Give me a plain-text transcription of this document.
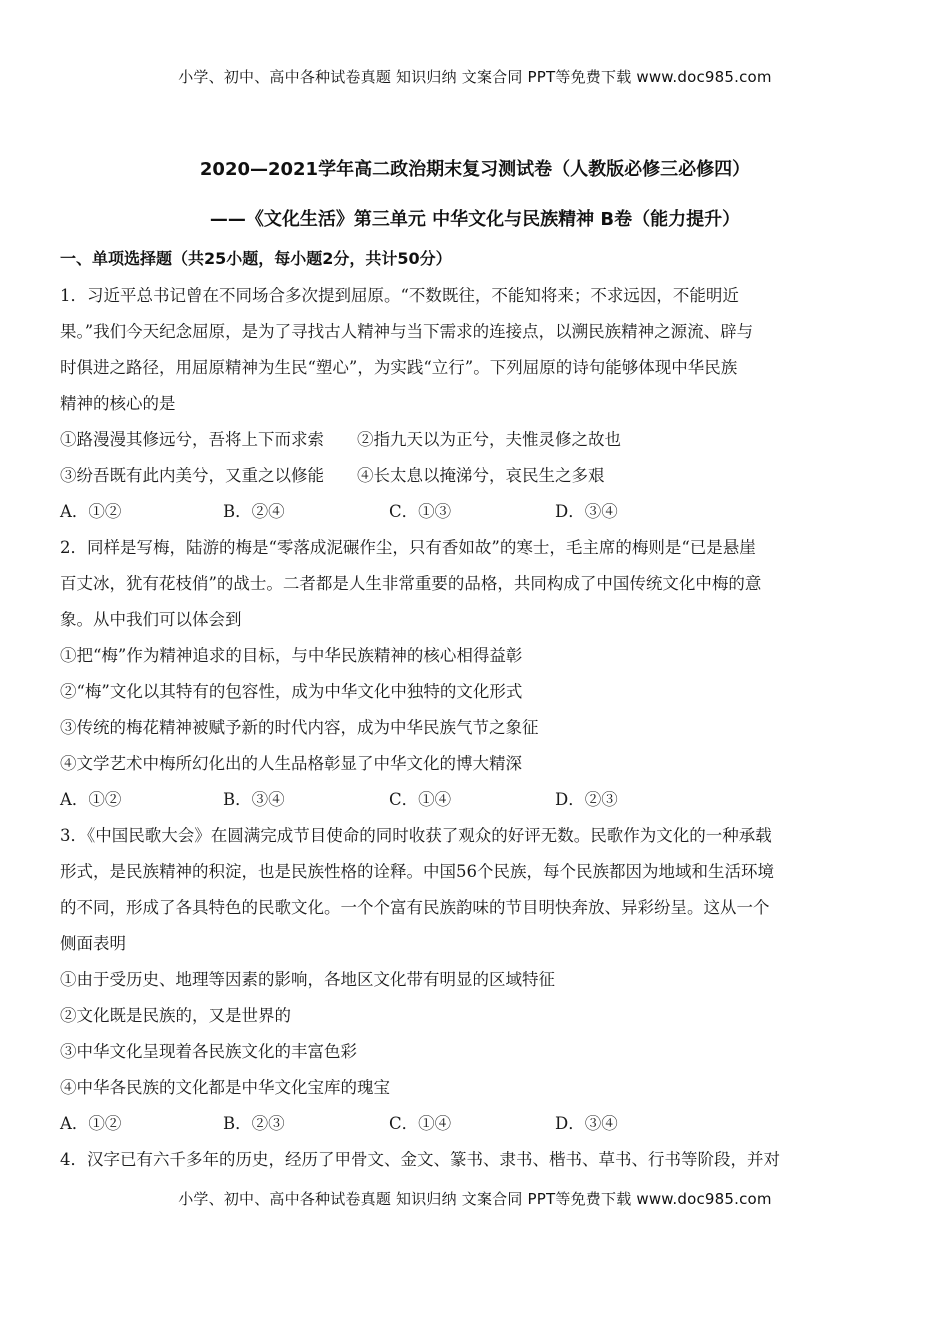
小学、初中、高中各种试卷真题 知识归纳 文案合同 PPT等免费下载 www.doc985.com
2020—2021学年高二政治期末复习测试卷（人教版必修三必修四）
——《文化生活》第三单元 中华文化与民族精神 B卷（能力提升）
一、单项选择题（共25小题，每小题2分，共计50分）
1．习近平总书记曾在不同场合多次提到屈原。“不数既往，不能知将来；不求远因，不能明近
果。”我们今天纪念屈原，是为了寻找古人精神与当下需求的连接点，以溯民族精神之源流、辟与
时俱进之路径，用屈原精神为生民“塑心”，为实践“立行”。下列屈原的诗句能够体现中华民族
精神的核心的是
①路漫漫其修远兮，吾将上下而求索　　②指九天以为正兮，夫惟灵修之故也
③纷吾既有此内美兮，又重之以修能　　④长太息以掩涕兮，哀民生之多艰
A．①②	B．②④	C．①③	D．③④
2．同样是写梅，陆游的梅是“零落成泥碾作尘，只有香如故”的寒士，毛主席的梅则是“已是悬崖
百丈冰，犹有花枝俏”的战士。二者都是人生非常重要的品格，共同构成了中国传统文化中梅的意
象。从中我们可以体会到
①把“梅”作为精神追求的目标，与中华民族精神的核心相得益彰
②“梅”文化以其特有的包容性，成为中华文化中独特的文化形式
③传统的梅花精神被赋予新的时代内容，成为中华民族气节之象征
④文学艺术中梅所幻化出的人生品格彰显了中华文化的博大精深
A．①②	B．③④	C．①④	D．②③
3．《中国民歌大会》在圆满完成节目使命的同时收获了观众的好评无数。民歌作为文化的一种承载
形式，是民族精神的积淀，也是民族性格的诠释。中国56个民族，每个民族都因为地域和生活环境
的不同，形成了各具特色的民歌文化。一个个富有民族韵味的节目明快奔放、异彩纷呈。这从一个
侧面表明
①由于受历史、地理等因素的影响，各地区文化带有明显的区域特征
②文化既是民族的，又是世界的
③中华文化呈现着各民族文化的丰富色彩
④中华各民族的文化都是中华文化宝库的瑰宝
A．①②	B．②③	C．①④	D．③④
4．汉字已有六千多年的历史，经历了甲骨文、金文、篆书、隶书、楷书、草书、行书等阶段，并对
小学、初中、高中各种试卷真题 知识归纳 文案合同 PPT等免费下载 www.doc985.com
